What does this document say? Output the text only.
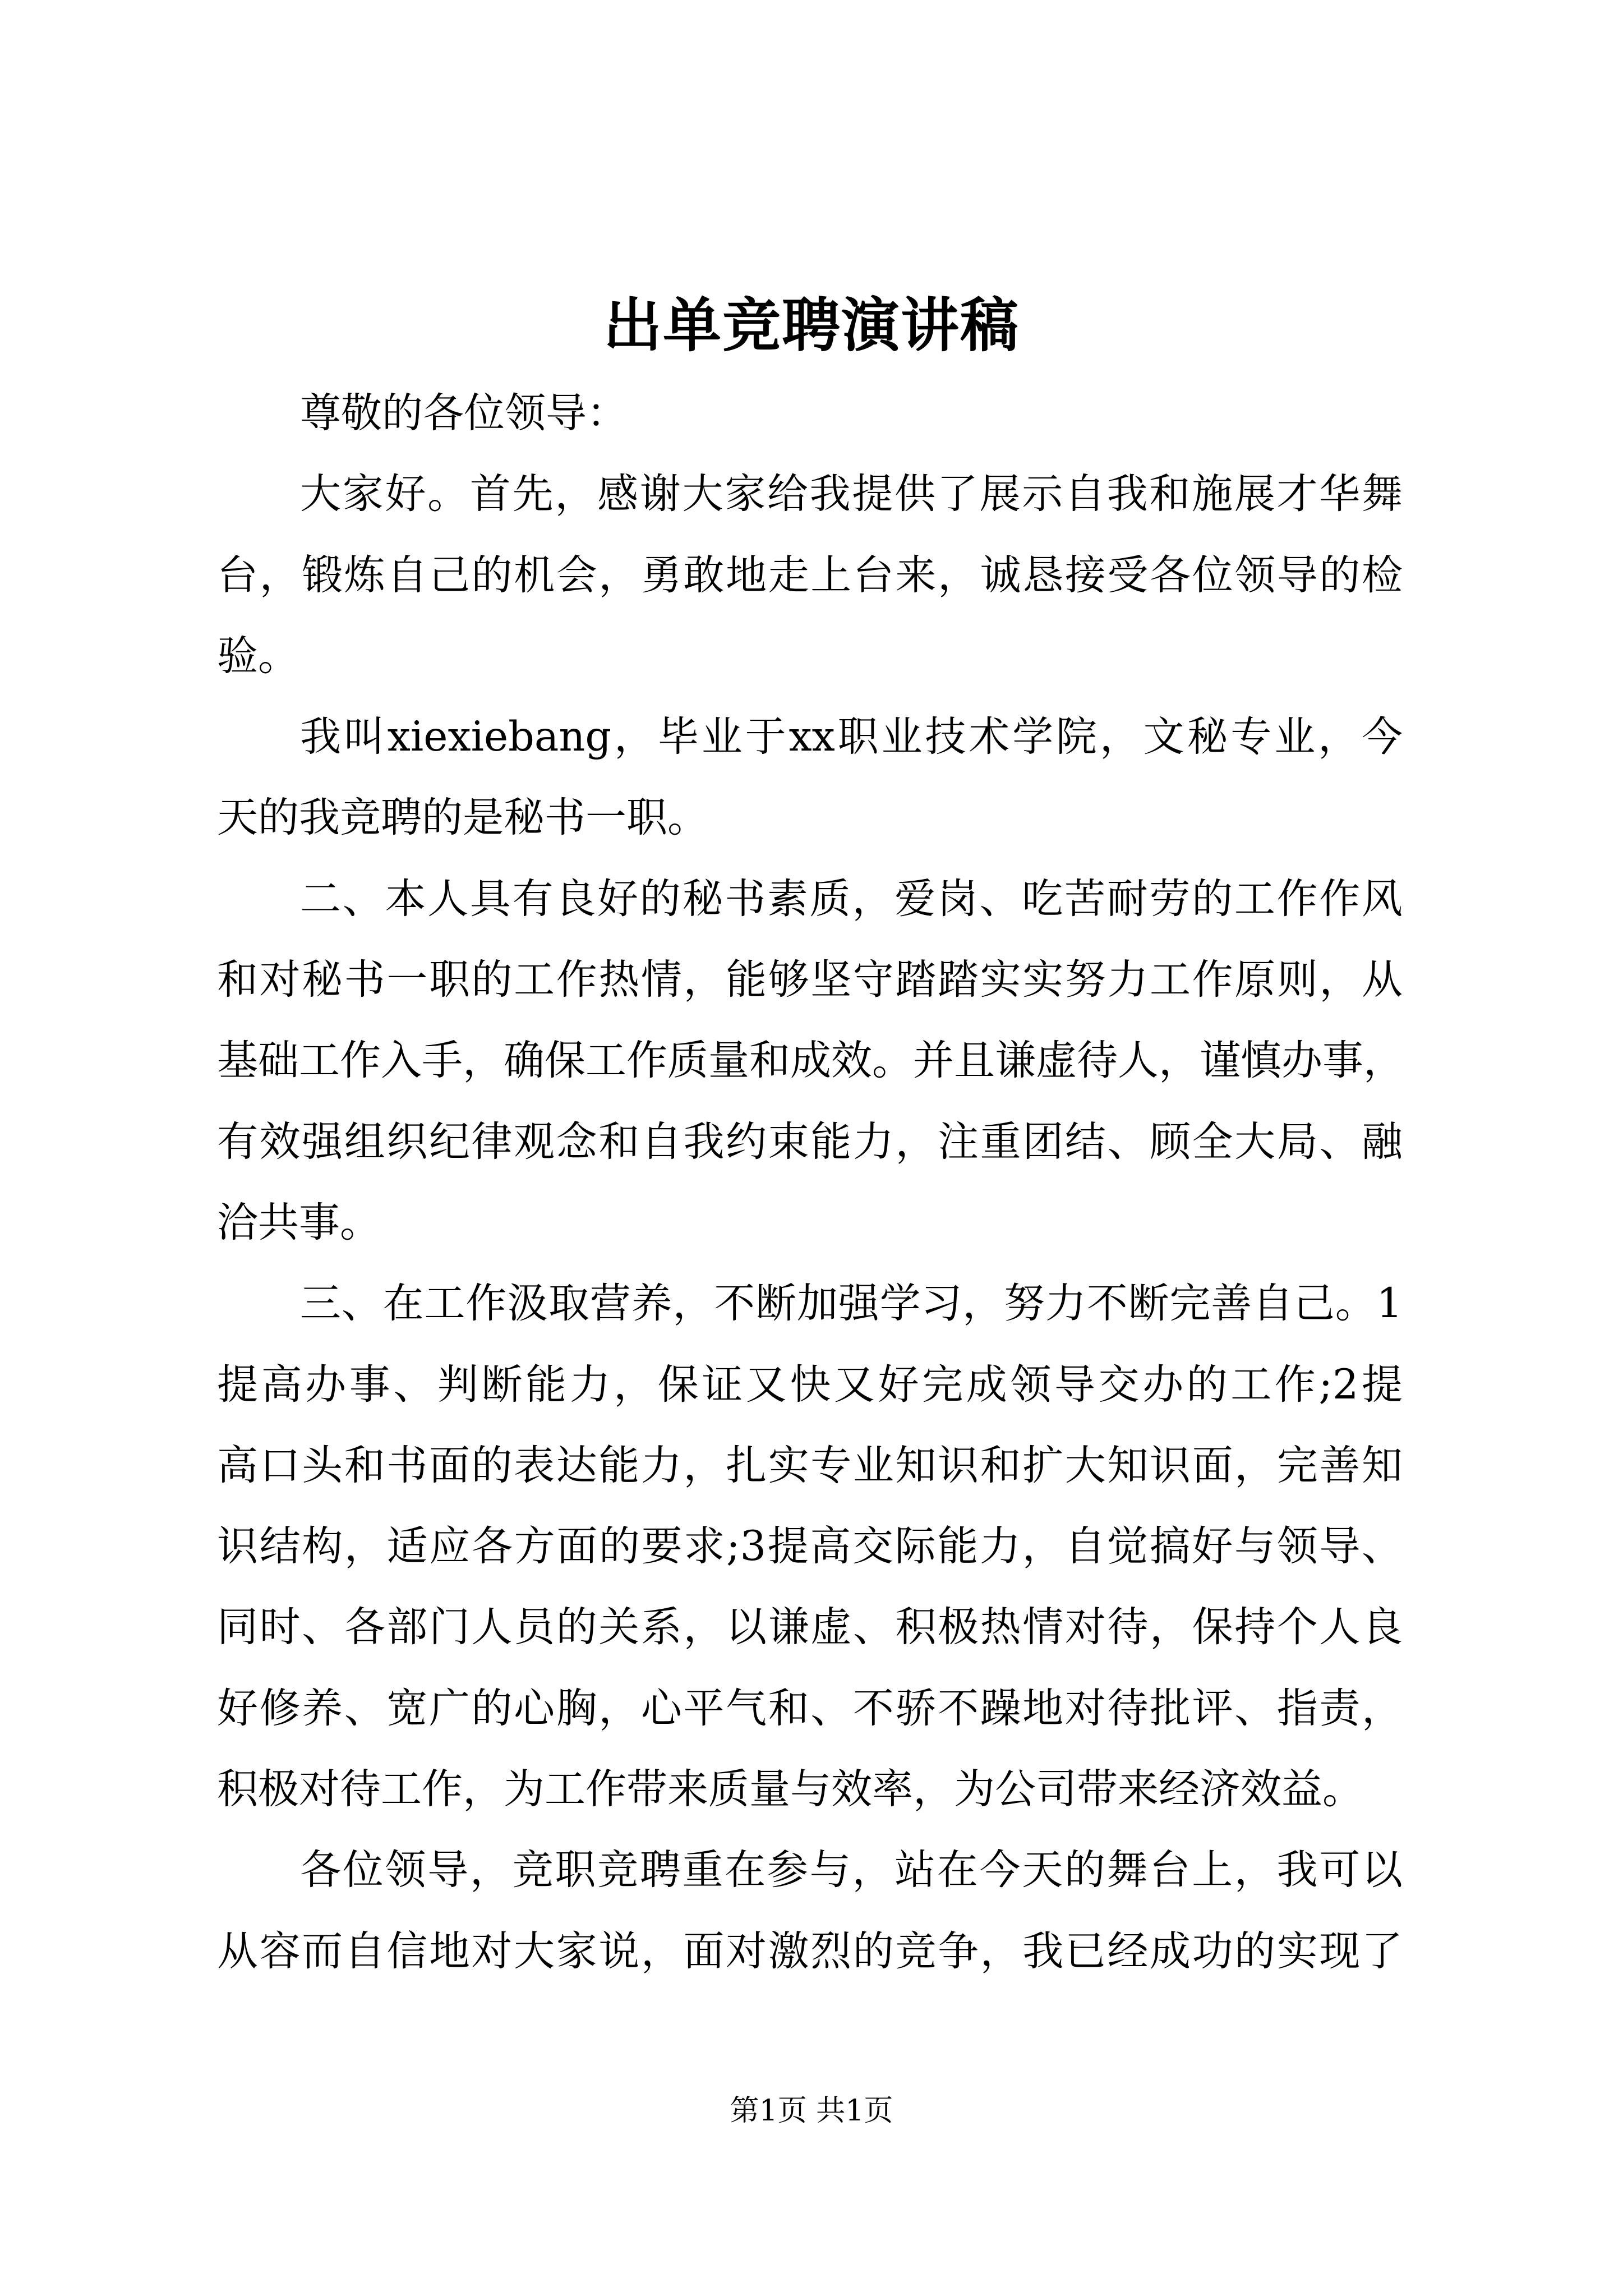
出单竞聘演讲稿
尊敬的各位领导：
大家好。首先，感谢大家给我提供了展示自我和施展才华舞
台，锻炼自己的机会，勇敢地走上台来，诚恳接受各位领导的检
验。
我叫xiexiebang，毕业于xx职业技术学院，文秘专业，今
天的我竞聘的是秘书一职。
二、本人具有良好的秘书素质，爱岗、吃苦耐劳的工作作风
和对秘书一职的工作热情，能够坚守踏踏实实努力工作原则，从
基础工作入手，确保工作质量和成效。并且谦虚待人，谨慎办事，
有效强组织纪律观念和自我约束能力，注重团结、顾全大局、融
洽共事。
三、在工作汲取营养，不断加强学习，努力不断完善自己。1
提高办事、判断能力，保证又快又好完成领导交办的工作;2提
高口头和书面的表达能力，扎实专业知识和扩大知识面，完善知
识结构，适应各方面的要求;3提高交际能力，自觉搞好与领导、
同时、各部门人员的关系，以谦虚、积极热情对待，保持个人良
好修养、宽广的心胸，心平气和、不骄不躁地对待批评、指责，
积极对待工作，为工作带来质量与效率，为公司带来经济效益。
各位领导，竞职竞聘重在参与，站在今天的舞台上，我可以
从容而自信地对大家说，面对激烈的竞争，我已经成功的实现了
第1页 共1页
